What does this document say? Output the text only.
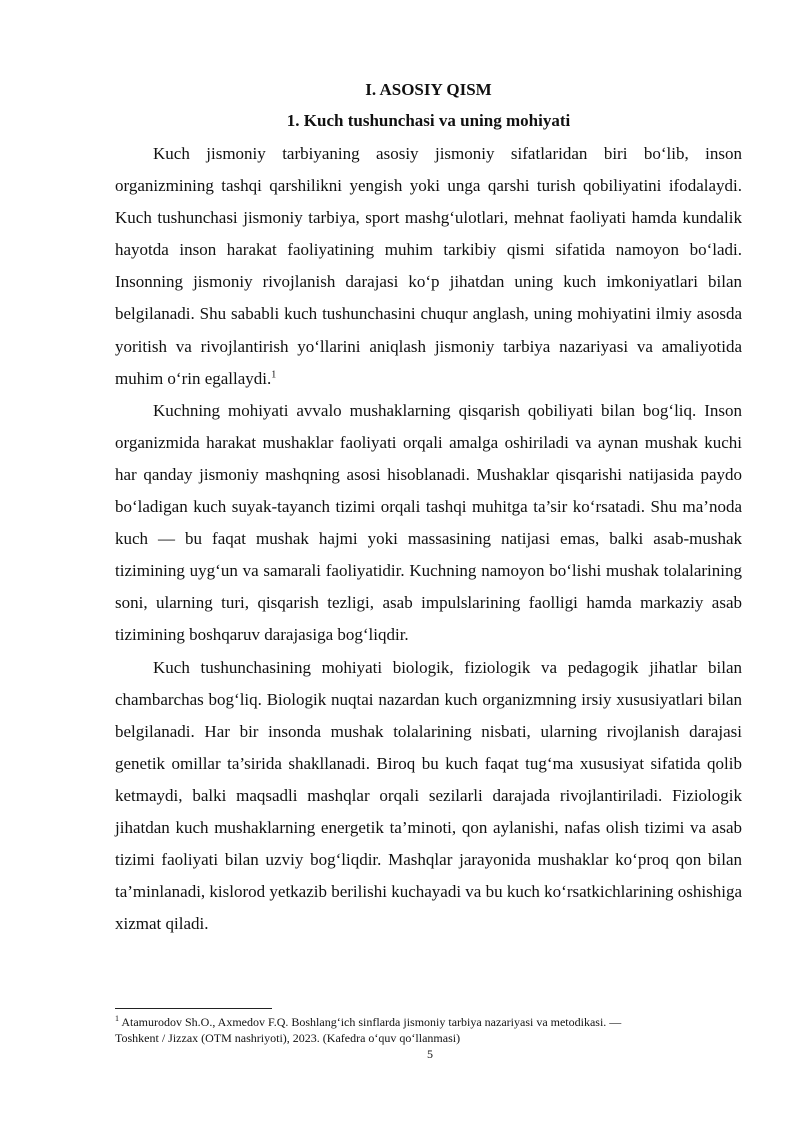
I. ASOSIY QISM
1. Kuch tushunchasi va uning mohiyati

Kuch jismoniy tarbiyaning asosiy jismoniy sifatlaridan biri bo‘lib, inson organizmining tashqi qarshilikni yengish yoki unga qarshi turish qobiliyatini ifodalaydi. Kuch tushunchasi jismoniy tarbiya, sport mashg‘ulotlari, mehnat faoliyati hamda kundalik hayotda inson harakat faoliyatining muhim tarkibiy qismi sifatida namoyon bo‘ladi. Insonning jismoniy rivojlanish darajasi ko‘p jihatdan uning kuch imkoniyatlari bilan belgilanadi. Shu sababli kuch tushunchasini chuqur anglash, uning mohiyatini ilmiy asosda yoritish va rivojlantirish yo‘llarini aniqlash jismoniy tarbiya nazariyasi va amaliyotida muhim o‘rin egallaydi.$^1$

Kuchning mohiyati avvalo mushaklarning qisqarish qobiliyati bilan bog‘liq. Inson organizmida harakat mushaklar faoliyati orqali amalga oshiriladi va aynan mushak kuchi har qanday jismoniy mashqning asosi hisoblanadi. Mushaklar qisqarishi natijasida paydo bo‘ladigan kuch suyak-tayanch tizimi orqali tashqi muhitga ta’sir ko‘rsatadi. Shu ma’noda kuch — bu faqat mushak hajmi yoki massasining natijasi emas, balki asab-mushak tizimining uyg‘un va samarali faoliyatidir. Kuchning namoyon bo‘lishi mushak tolalarining soni, ularning turi, qisqarish tezligi, asab impulslarining faolligi hamda markaziy asab tizimining boshqaruv darajasiga bog‘liqdir.

Kuch tushunchasining mohiyati biologik, fiziologik va pedagogik jihatlar bilan chambarchas bog‘liq. Biologik nuqtai nazardan kuch organizmning irsiy xususiyatlari bilan belgilanadi. Har bir insonda mushak tolalarining nisbati, ularning rivojlanish darajasi genetik omillar ta’sirida shakllanadi. Biroq bu kuch faqat tug‘ma xususiyat sifatida qolib ketmaydi, balki maqsadli mashqlar orqali sezilarli darajada rivojlantiriladi. Fiziologik jihatdan kuch mushaklarning energetik ta’minoti, qon aylanishi, nafas olish tizimi va asab tizimi faoliyati bilan uzviy bog‘liqdir. Mashqlar jarayonida mushaklar ko‘proq qon bilan ta’minlanadi, kislorod yetkazib berilishi kuchayadi va bu kuch ko‘rsatkichlarining oshishiga xizmat qiladi.

$^1$ Atamurodov Sh.O., Axmedov F.Q. Boshlang‘ich sinflarda jismoniy tarbiya nazariyasi va metodikasi. —
Toshkent / Jizzax (OTM nashriyoti), 2023. (Kafedra o‘quv qo‘llanmasi)
5
